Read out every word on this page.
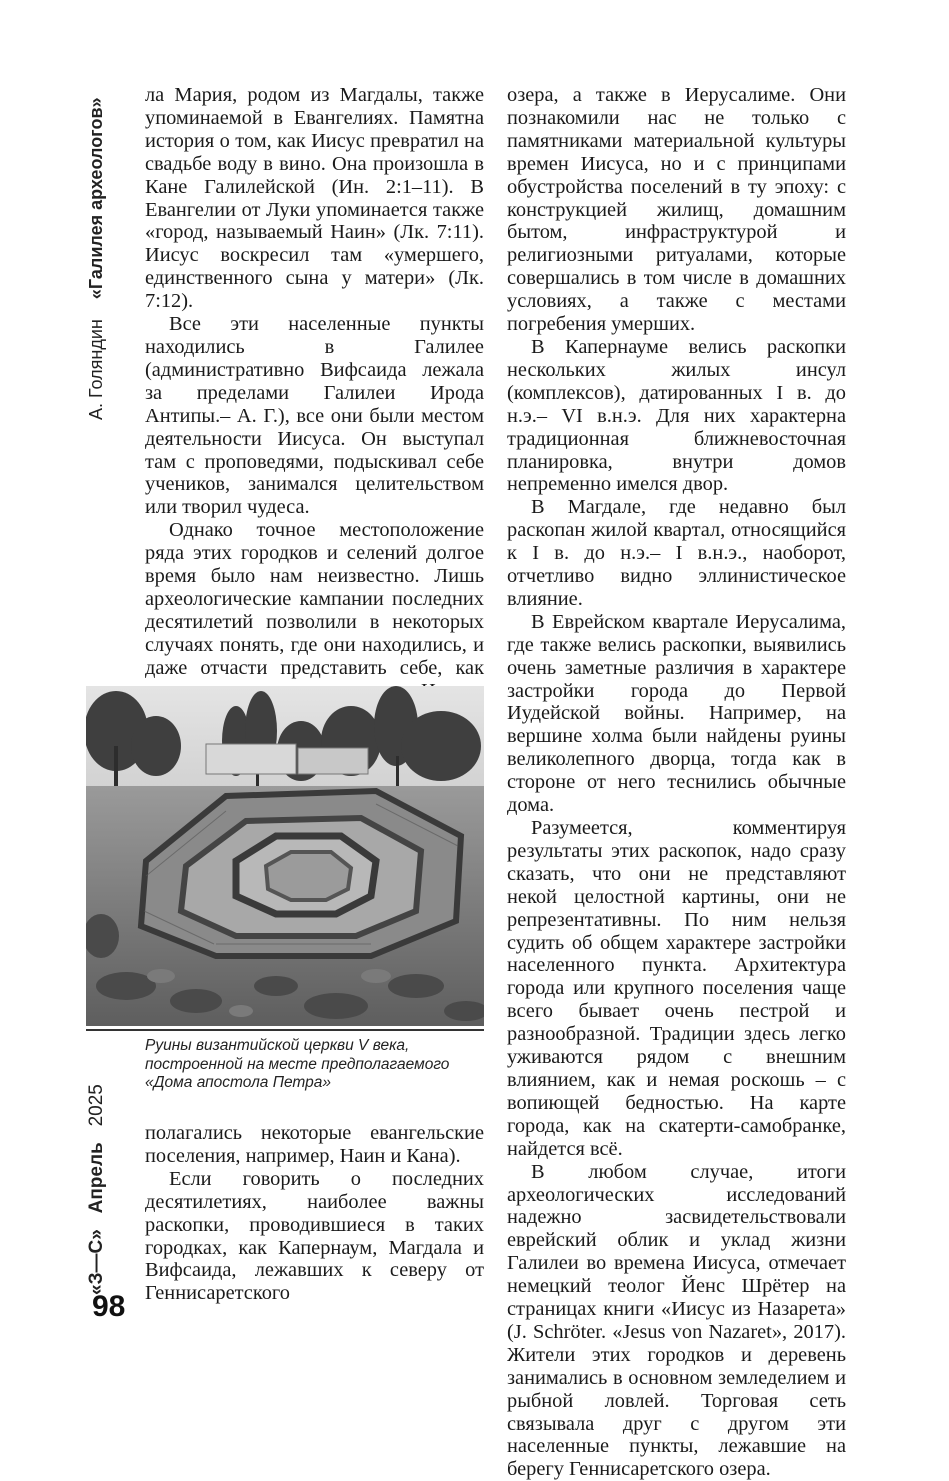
А. Голяндин    «Галилея археологов»
«З—С»   Апрель   2025
98

ла Мария, родом из Магдалы, также упоминаемой в Евангелиях. Памятна история о том, как Иисус превратил на свадьбе воду в вино. Она произошла в Кане Галилейской (Ин. 2:1–11). В Евангелии от Луки упоминается также «город, называемый Наин» (Лк. 7:11). Иисус воскресил там «умершего, единственного сына у матери» (Лк. 7:12).

Все эти населенные пункты находились в Галилее (административно Вифсаида лежала за пределами Галилеи Ирода Антипы.– А. Г.), все они были местом деятельности Иисуса. Он выступал там с проповедями, подыскивал себе учеников, занимался целительством или творил чудеса.

Однако точное местоположение ряда этих городков и селений долгое время было нам неизвестно. Лишь археологические кампании последних десятилетий позволили в некоторых случаях понять, где они находились, и даже отчасти представить себе, как

Руины византийской церкви V века, построенной на месте предполагаемого «Дома апостола Петра»

полагались некоторые евангельские поселения, например, Наин и Кана).

Если говорить о последних десятилетиях, наиболее важны раскопки, проводившиеся в таких городках, как Капернаум, Магдала и Вифсаида, лежавших к северу от Геннисаретского

озера, а также в Иерусалиме. Они познакомили нас не только с памятниками материальной культуры времен Иисуса, но и с принципами обустройства поселений в ту эпоху: с конструкцией жилищ, домашним бытом, инфраструктурой и религиозными ритуалами, которые совершались в том числе в домашних условиях, а также с местами погребения умерших.

В Капернауме велись раскопки нескольких жилых инсул (комплексов), датированных I в. до н.э.– VI в.н.э. Для них характерна традиционная ближневосточная планировка, внутри домов непременно имелся двор.

В Магдале, где недавно был раскопан жилой квартал, относящийся к I в. до н.э.– I в.н.э., наоборот, отчетливо видно эллинистическое влияние.

В Еврейском квартале Иерусалима, где также велись раскопки, выявились очень заметные различия в характере застройки города до Первой Иудейской войны. Например, на вершине холма были найдены руины великолепного дворца, тогда как в стороне от него теснились обычные дома.

Разумеется, комментируя результаты этих раскопок, надо сразу сказать, что они не представляют некой целостной картины, они не репрезентативны. По ним нельзя судить об общем характере застройки населенного пункта. Архитектура города или крупного поселения чаще всего бывает очень пестрой и разнообразной. Традиции здесь легко уживаются рядом с внешним влиянием, как и немая роскошь – с вопиющей бедностью. На карте города, как на скатерти-самобранке, найдется всё.

В любом случае, итоги археологических исследований надежно засвидетельствовали еврейский облик и уклад жизни Галилеи во времена Иисуса, отмечает немецкий теолог Йенс Шрётер на страницах книги «Иисус из Назарета» (J. Schröter. «Jesus von Nazaret», 2017). Жители этих городков и деревень занимались в основном земледелием и рыбной ловлей. Торговая сеть связывала друг с другом эти населенные пункты, лежавшие на берегу Геннисаретского озера.
